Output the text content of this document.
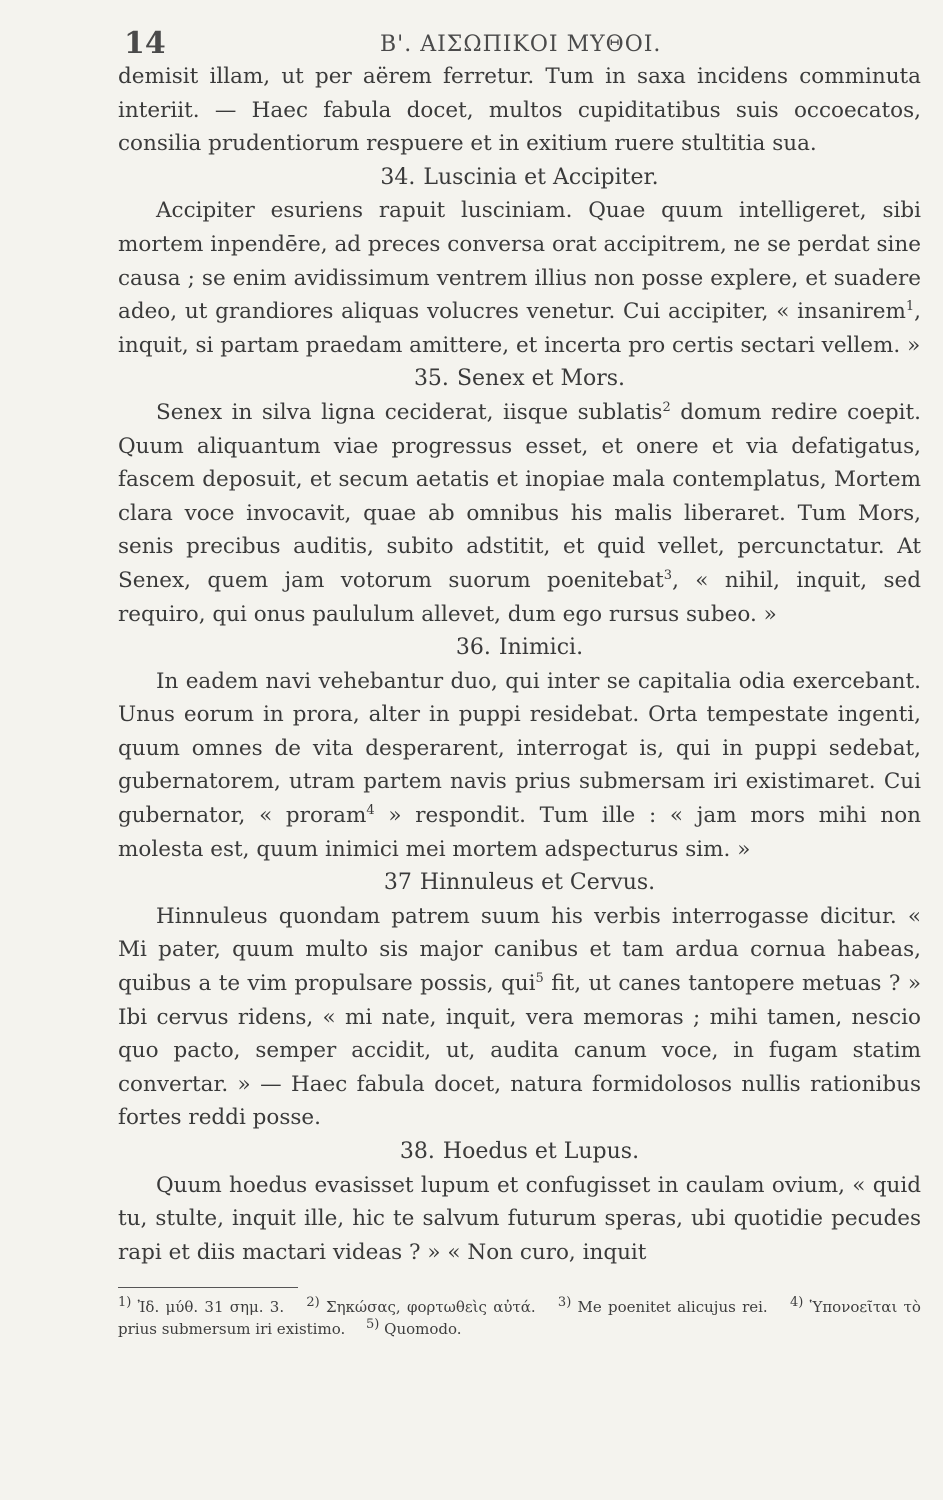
14	Β'. ΑΙΣΩΠΙΚΟΙ ΜΥΘΟΙ.

demisit illam, ut per aërem ferretur. Tum in saxa incidens comminuta interiit. — Haec fabula docet, multos cupiditatibus suis occoecatos, consilia prudentiorum respuere et in exitium ruere stultitia sua.

34. Luscinia et Accipiter.

Accipiter esuriens rapuit lusciniam. Quae quum intelligeret, sibi mortem inpendēre, ad preces conversa orat accipitrem, ne se perdat sine causa ; se enim avidissimum ventrem illius non posse explere, et suadere adeo, ut grandiores aliquas volucres venetur. Cui accipiter, « insanirem$^1$, inquit, si partam praedam amittere, et incerta pro certis sectari vellem. »

35. Senex et Mors.

Senex in silva ligna ceciderat, iisque sublatis$^2$ domum redire coepit. Quum aliquantum viae progressus esset, et onere et via defatigatus, fascem deposuit, et secum aetatis et inopiae mala contemplatus, Mortem clara voce invocavit, quae ab omnibus his malis liberaret. Tum Mors, senis precibus auditis, subito adstitit, et quid vellet, percunctatur. At Senex, quem jam votorum suorum poenitebat$^3$, « nihil, inquit, sed requiro, qui onus paululum allevet, dum ego rursus subeo. »

36. Inimici.

In eadem navi vehebantur duo, qui inter se capitalia odia exercebant. Unus eorum in prora, alter in puppi residebat. Orta tempestate ingenti, quum omnes de vita desperarent, interrogat is, qui in puppi sedebat, gubernatorem, utram partem navis prius submersam iri existimaret. Cui gubernator, « proram$^4$ » respondit. Tum ille : « jam mors mihi non molesta est, quum inimici mei mortem adspecturus sim. »

37 Hinnuleus et Cervus.

Hinnuleus quondam patrem suum his verbis interrogasse dicitur. « Mi pater, quum multo sis major canibus et tam ardua cornua habeas, quibus a te vim propulsare possis, qui$^5$ fit, ut canes tantopere metuas ? » Ibi cervus ridens, « mi nate, inquit, vera memoras ; mihi tamen, nescio quo pacto, semper accidit, ut, audita canum voce, in fugam statim convertar. » — Haec fabula docet, natura formidolosos nullis rationibus fortes reddi posse.

38. Hoedus et Lupus.

Quum hoedus evasisset lupum et confugisset in caulam ovium, « quid tu, stulte, inquit ille, hic te salvum futurum speras, ubi quotidie pecudes rapi et diis mactari videas ? » « Non curo, inquit

$^{1)}$ Ἰδ. μύθ. 31 σημ. 3. $^{2)}$ Σηκώσας, φορτωθεὶς αὐτά. $^{3)}$ Me poenitet alicujus rei. $^{4)}$ Ὑπονοεῖται τὸ prius submersum iri existimo. $^{5)}$ Quomodo.
